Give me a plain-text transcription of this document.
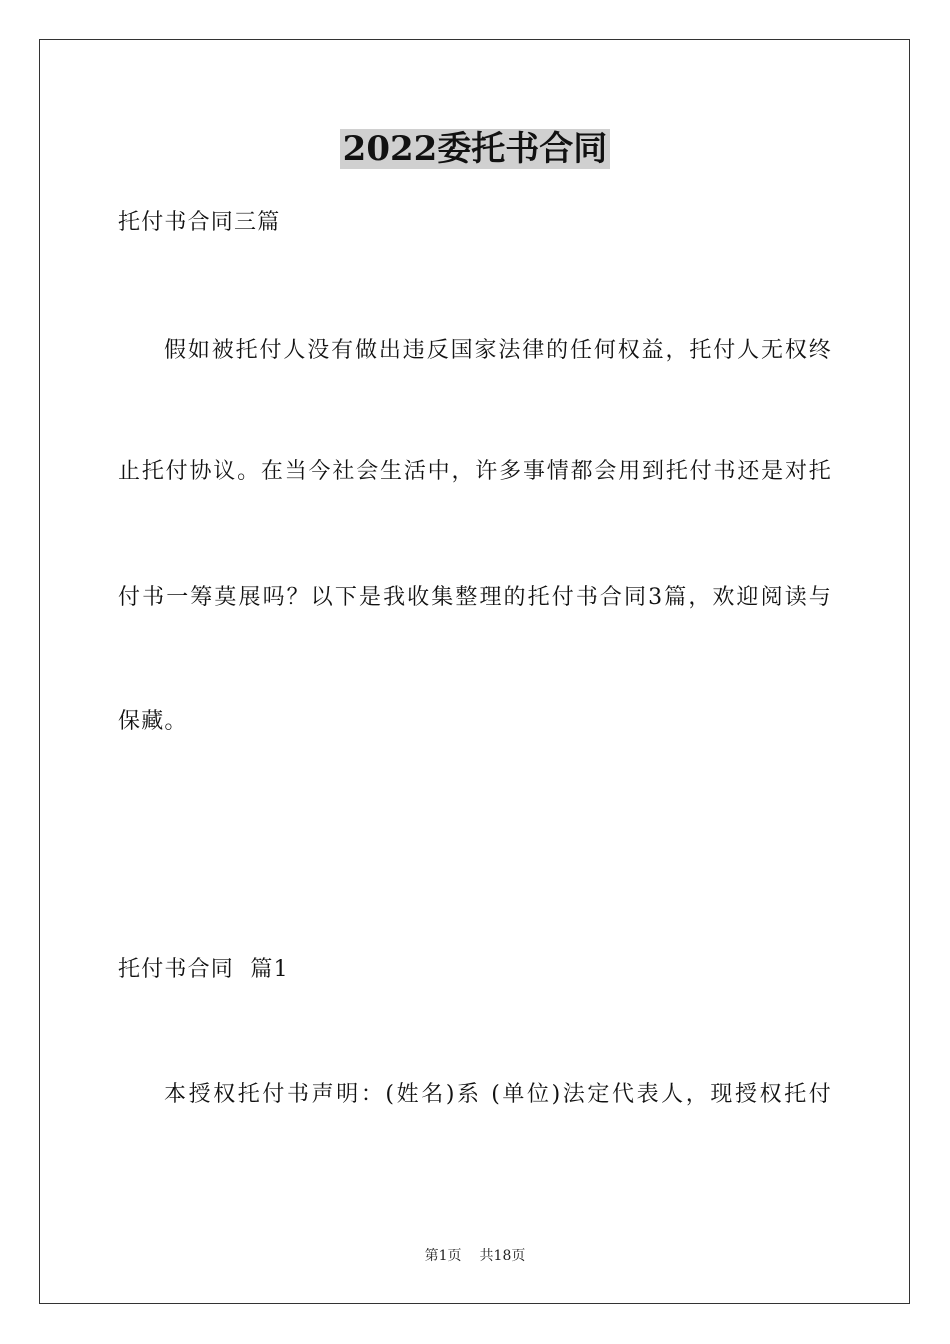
2022委托书合同
托付书合同三篇
假如被托付人没有做出违反国家法律的任何权益，托付人无权终
止托付协议。在当今社会生活中，许多事情都会用到托付书还是对托
付书一筹莫展吗？以下是我收集整理的托付书合同3篇，欢迎阅读与
保藏。
托付书合同  篇1
本授权托付书声明：(姓名)系 (单位)法定代表人，现授权托付
第1页 共18页
